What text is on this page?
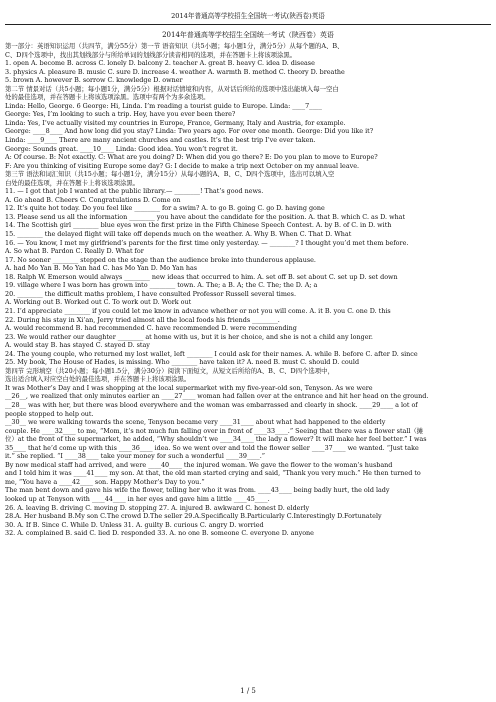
2014年普通高等学校招生全国统一考试(陕西卷)英语
2014年普通高等学校招生全国统一考试（陕西卷）英语
第一部分：英语知识运用（共四节，满分55分）第一节 语音知识（共5小题；每小题1分，满分5分）从每个题的A、B、
C、D四个选项中，找出其划线部分与所给单词的划线部分读音相同的选项，并在答题卡上将该项涂黑。
1. open A. become B. across C. lonely D. balcony 2. teacher A. great B. heavy C. idea D. disease
3. physics A. pleasure B. music C. sure D. increase 4. weather A. warmth B. method C. theory D. breathe
5. brown A. however B. sorrow C. knowledge D. owner
第二节 情景对话（共5小题；每小题1分，满分5分）根据对话情境和内容，从对话后所给的选项中选出能填入每一空白
处的最佳选项，并在答题卡上将该选项涂黑。选项中有两个为多余选项。
Linda: Hello, George. 6 George: Hi, Linda. I’m reading a tourist guide to Europe. Linda: ____7____
George: Yes, I’m looking to such a trip. Hey, have you ever been there?
Linda: Yes, I’ve actually visited my countries in Europe, France, Germany, Italy and Austria, for example.
George: ____8____ And how long did you stay? Linda: Two years ago. For over one month. George: Did you like it?
Linda: ____9____ There are many ancient churches and castles. It’s the best trip I’ve ever taken.
George: Sounds great. ____10____ Linda: Good idea. You won’t regret it.
A: Of course. B: Not exactly. C: What are you doing? D: When did you go there? E: Do you plan to move to Europe?
F: Are you thinking of visiting Europe some day? G: I decide to make a trip next October on my annual leave.
第三节 语法和词汇知识（共15小题；每小题1分，满分15分）从每小题的A、B、C、D四个选项中，选出可以填入空
白处的最佳选项，并在答题卡上将该选项涂黑。
11. — I got that job I wanted at the public library.— ________! That’s good news.
A. Go ahead B. Cheers C. Congratulations D. Come on
12. It’s quite hot today. Do you feel like ________ for a swim? A. to go B. going C. go D. having gone
13. Please send us all the information ________ you have about the candidate for the position. A. that B. which C. as D. what
14. The Scottish girl ________ blue eyes won the first prize in the Fifth Chinese Speech Contest. A. by B. of C. in D. with
15. ________ the delayed flight will take off depends much on the weather. A. Why B. When C. That D. What
16. — You know, I met my girlfriend’s parents for the first time only yesterday. — ________? I thought you’d met them before.
A. So what B. Pardon C. Really D. What for
17. No sooner ________ stepped on the stage than the audience broke into thunderous applause.
A. had Mo Yan B. Mo Yan had C. has Mo Yan D. Mo Yan has
18. Ralph W. Emerson would always ________ new ideas that occurred to him. A. set off B. set about C. set up D. set down
19. village where I was born has grown into ________ town. A. The; a B. A; the C. The; the D. A; a
20. ________ the difficult maths problem, I have consulted Professor Russell several times.
A. Working out B. Worked out C. To work out D. Work out
21. I’d appreciate ________ if you could let me know in advance whether or not you will come. A. it B. you C. one D. this
22. During his stay in Xi’an, Jerry tried almost all the local foods his friends ________.
A. would recommend B. had recommended C. have recommended D. were recommending
23. We would rather our daughter ________ at home with us, but it is her choice, and she is not a child any longer.
A. would stay B. has stayed C. stayed D. stay
24. The young couple, who returned my lost wallet, left ________ I could ask for their names. A. while B. before C. after D. since
25. My book, The House of Hades, is missing. Who ________ have taken it? A. need B. must C. should D. could
第四节 完形填空（共20小题；每小题1.5分，满分30分）阅读下面短文，从短文后所给的A、B、C、D四个选项中，
选出适合填入对应空白处的最佳选项，并在答题卡上将该项涂黑。
It was Mother’s Day and I was shopping at the local supermarket with my five-year-old son, Tenyson. As we were
__26__, we realized that only minutes earlier an ____27____ woman had fallen over at the entrance and hit her head on the ground.
__28__ was with her, but there was blood everywhere and the woman was embarrassed and clearly in shock. ____29____ a lot of
people stopped to help out.
__30__ we were walking towards the scene, Tenyson became very ____31____ about what had happened to the elderly
couple. He ____32____ to me, “Mom, it’s not much fun falling over in front of ____33____.” Seeing that there was a flower stall（摊
位）at the front of the supermarket, he added, “Why shouldn’t we ____34____ the lady a flower? It will make her feel better.” I was
35____ that he’d come up with this ____36____ idea. So we went over and told the flower seller ____37____ we wanted. “Just take
it.” she replied. “I ____38____ take your money for such a wonderful ____39____.”
By now medical staff had arrived, and were ____40____ the injured woman. We gave the flower to the woman’s husband
and I told him it was ____41____ my son. At that, the old man started crying and said, “Thank you very much.” He then turned to
me, “You have a ____42____ son. Happy Mother’s Day to you.”
The man bent down and gave his wife the flower, telling her who it was from. ____43____ being badly hurt, the old lady
looked up at Tenyson with ____44____ in her eyes and gave him a little ____45____.
26. A. leaving B. driving C. moving D. stopping 27. A. injured B. awkward C. honest D. elderly
28.A. Her husband B.My son C.The crowd D.The seller 29.A.Specifically B.Particularly C.Interestingly D.Fortunately
30. A. If B. Since C. While D. Unless 31. A. guilty B. curious C. angry D. worried
32. A. complained B. said C. lied D. responded 33. A. no one B. someone C. everyone D. anyone
1 / 5
